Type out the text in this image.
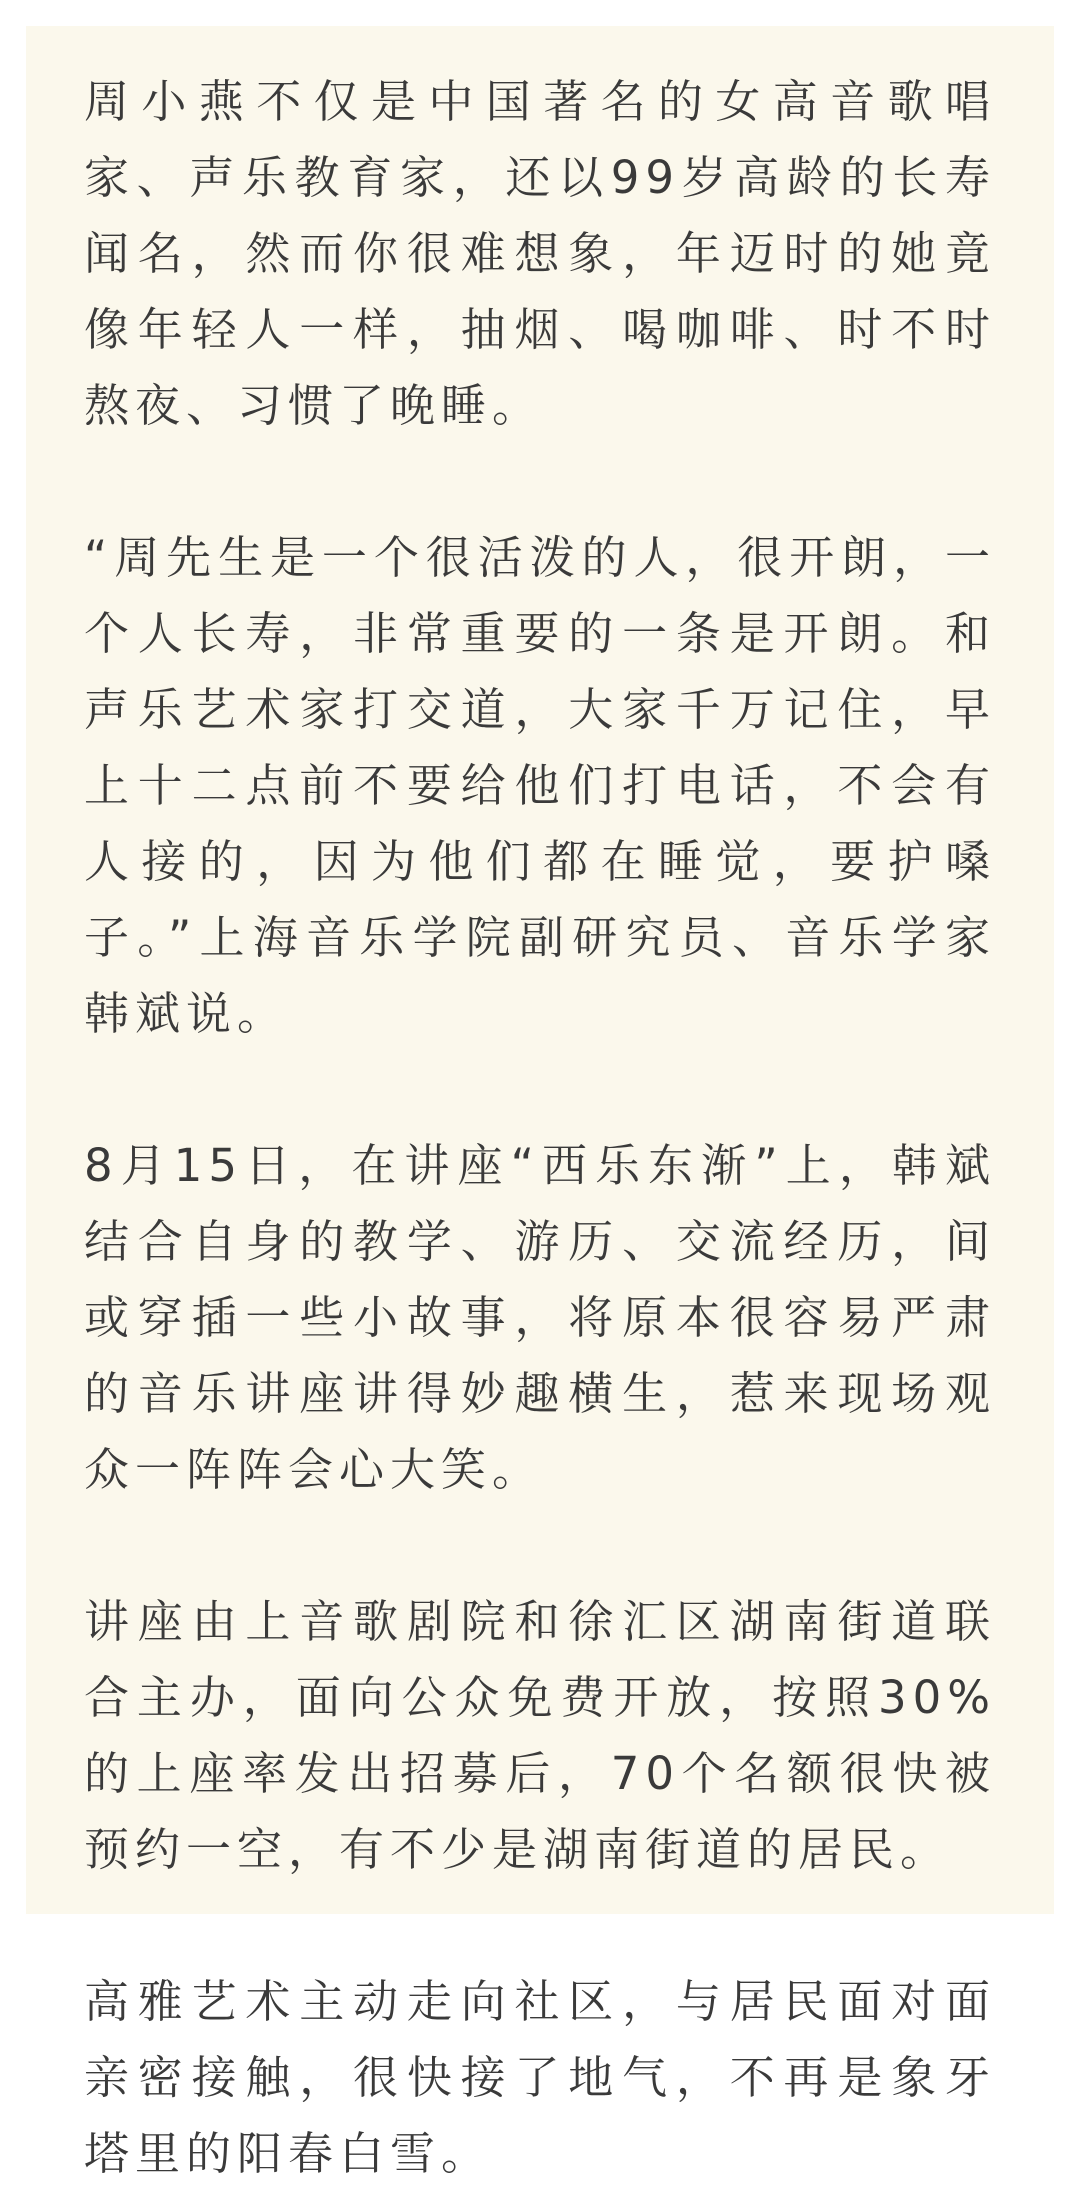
周小燕不仅是中国著名的女高音歌唱家、声乐教育家，还以99岁高龄的长寿闻名，然而你很难想象，年迈时的她竟像年轻人一样，抽烟、喝咖啡、时不时熬夜、习惯了晚睡。

“周先生是一个很活泼的人，很开朗，一个人长寿，非常重要的一条是开朗。和声乐艺术家打交道，大家千万记住，早上十二点前不要给他们打电话，不会有人接的，因为他们都在睡觉，要护嗓子。”上海音乐学院副研究员、音乐学家韩斌说。

8月15日，在讲座“西乐东渐”上，韩斌结合自身的教学、游历、交流经历，间或穿插一些小故事，将原本很容易严肃的音乐讲座讲得妙趣横生，惹来现场观众一阵阵会心大笑。

讲座由上音歌剧院和徐汇区湖南街道联合主办，面向公众免费开放，按照30%的上座率发出招募后，70个名额很快被预约一空，有不少是湖南街道的居民。

高雅艺术主动走向社区，与居民面对面亲密接触，很快接了地气，不再是象牙塔里的阳春白雪。
